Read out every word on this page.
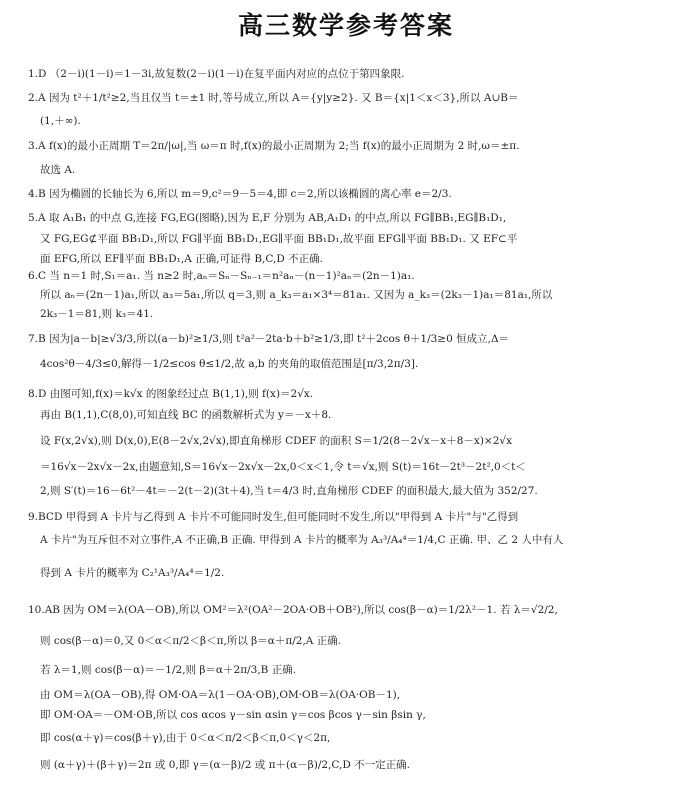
高三数学参考答案
1.D （2－i)(1－i)＝1－3i,故复数(2－i)(1－i)在复平面内对应的点位于第四象限.
2.A 因为 t²＋1/t²≥2,当且仅当 t＝±1 时,等号成立,所以 A＝{y|y≥2}. 又 B＝{x|1＜x＜3},所以 A∪B＝
(1,＋∞).
3.A f(x)的最小正周期 T＝2π/|ω|,当 ω＝π 时,f(x)的最小正周期为 2;当 f(x)的最小正周期为 2 时,ω＝±π.
故选 A.
4.B 因为椭圆的长轴长为 6,所以 m＝9,c²＝9－5＝4,即 c＝2,所以该椭圆的离心率 e＝2/3.
5.A 取 A₁B₁ 的中点 G,连接 FG,EG(图略),因为 E,F 分别为 AB,A₁D₁ 的中点,所以 FG∥BB₁,EG∥B₁D₁,
又 FG,EG⊄平面 BB₁D₁,所以 FG∥平面 BB₁D₁,EG∥平面 BB₁D₁,故平面 EFG∥平面 BB₁D₁. 又 EF⊂平
面 EFG,所以 EF∥平面 BB₁D₁,A 正确,可证得 B,C,D 不正确.
6.C 当 n＝1 时,S₁＝a₁. 当 n≥2 时,aₙ＝Sₙ－Sₙ₋₁＝n²aₙ－(n－1)²aₙ＝(2n－1)a₁.
所以 aₙ＝(2n－1)a₁,所以 a₃＝5a₁,所以 q＝3,则 a_k₃＝a₁×3⁴＝81a₁. 又因为 a_k₃＝(2k₃－1)a₁＝81a₁,所以
2k₃－1＝81,则 k₃＝41.
7.B 因为|a－b|≥√3/3,所以(a－b)²≥1/3,则 t²a²－2ta·b＋b²≥1/3,即 t²＋2cos θ＋1/3≥0 恒成立,Δ＝
4cos²θ－4/3≤0,解得－1/2≤cos θ≤1/2,故 a,b 的夹角的取值范围是[π/3,2π/3].
8.D 由图可知,f(x)＝k√x 的图象经过点 B(1,1),则 f(x)＝2√x.
再由 B(1,1),C(8,0),可知直线 BC 的函数解析式为 y＝－x＋8.
设 F(x,2√x),则 D(x,0),E(8－2√x,2√x),即直角梯形 CDEF 的面积 S＝1/2(8－2√x－x＋8－x)×2√x
＝16√x－2x√x－2x,由题意知,S＝16√x－2x√x－2x,0＜x＜1,令 t＝√x,则 S(t)＝16t－2t³－2t²,0＜t＜
2,则 S′(t)＝16－6t²－4t＝－2(t－2)(3t＋4),当 t＝4/3 时,直角梯形 CDEF 的面积最大,最大值为 352/27.
9.BCD 甲得到 A 卡片与乙得到 A 卡片不可能同时发生,但可能同时不发生,所以"甲得到 A 卡片"与"乙得到
A 卡片"为互斥但不对立事件,A 不正确,B 正确. 甲得到 A 卡片的概率为 A₃³/A₄⁴＝1/4,C 正确. 甲、乙 2 人中有人
得到 A 卡片的概率为 C₂¹A₃³/A₄⁴＝1/2.
10.AB 因为 OM＝λ(OA－OB),所以 OM²＝λ²(OA²－2OA·OB＋OB²),所以 cos(β－α)＝1/2λ²－1. 若 λ＝√2/2,
则 cos(β－α)＝0,又 0＜α＜π/2＜β＜π,所以 β＝α＋π/2,A 正确.
若 λ＝1,则 cos(β－α)＝－1/2,则 β＝α＋2π/3,B 正确.
由 OM＝λ(OA－OB),得 OM·OA＝λ(1－OA·OB),OM·OB＝λ(OA·OB－1),
即 OM·OA＝－OM·OB,所以 cos αcos γ－sin αsin γ＝cos βcos γ－sin βsin γ,
即 cos(α＋γ)＝cos(β＋γ),由于 0＜α＜π/2＜β＜π,0＜γ＜2π,
则 (α＋γ)＋(β＋γ)＝2π 或 0,即 γ＝(α－β)/2 或 π＋(α－β)/2,C,D 不一定正确.
